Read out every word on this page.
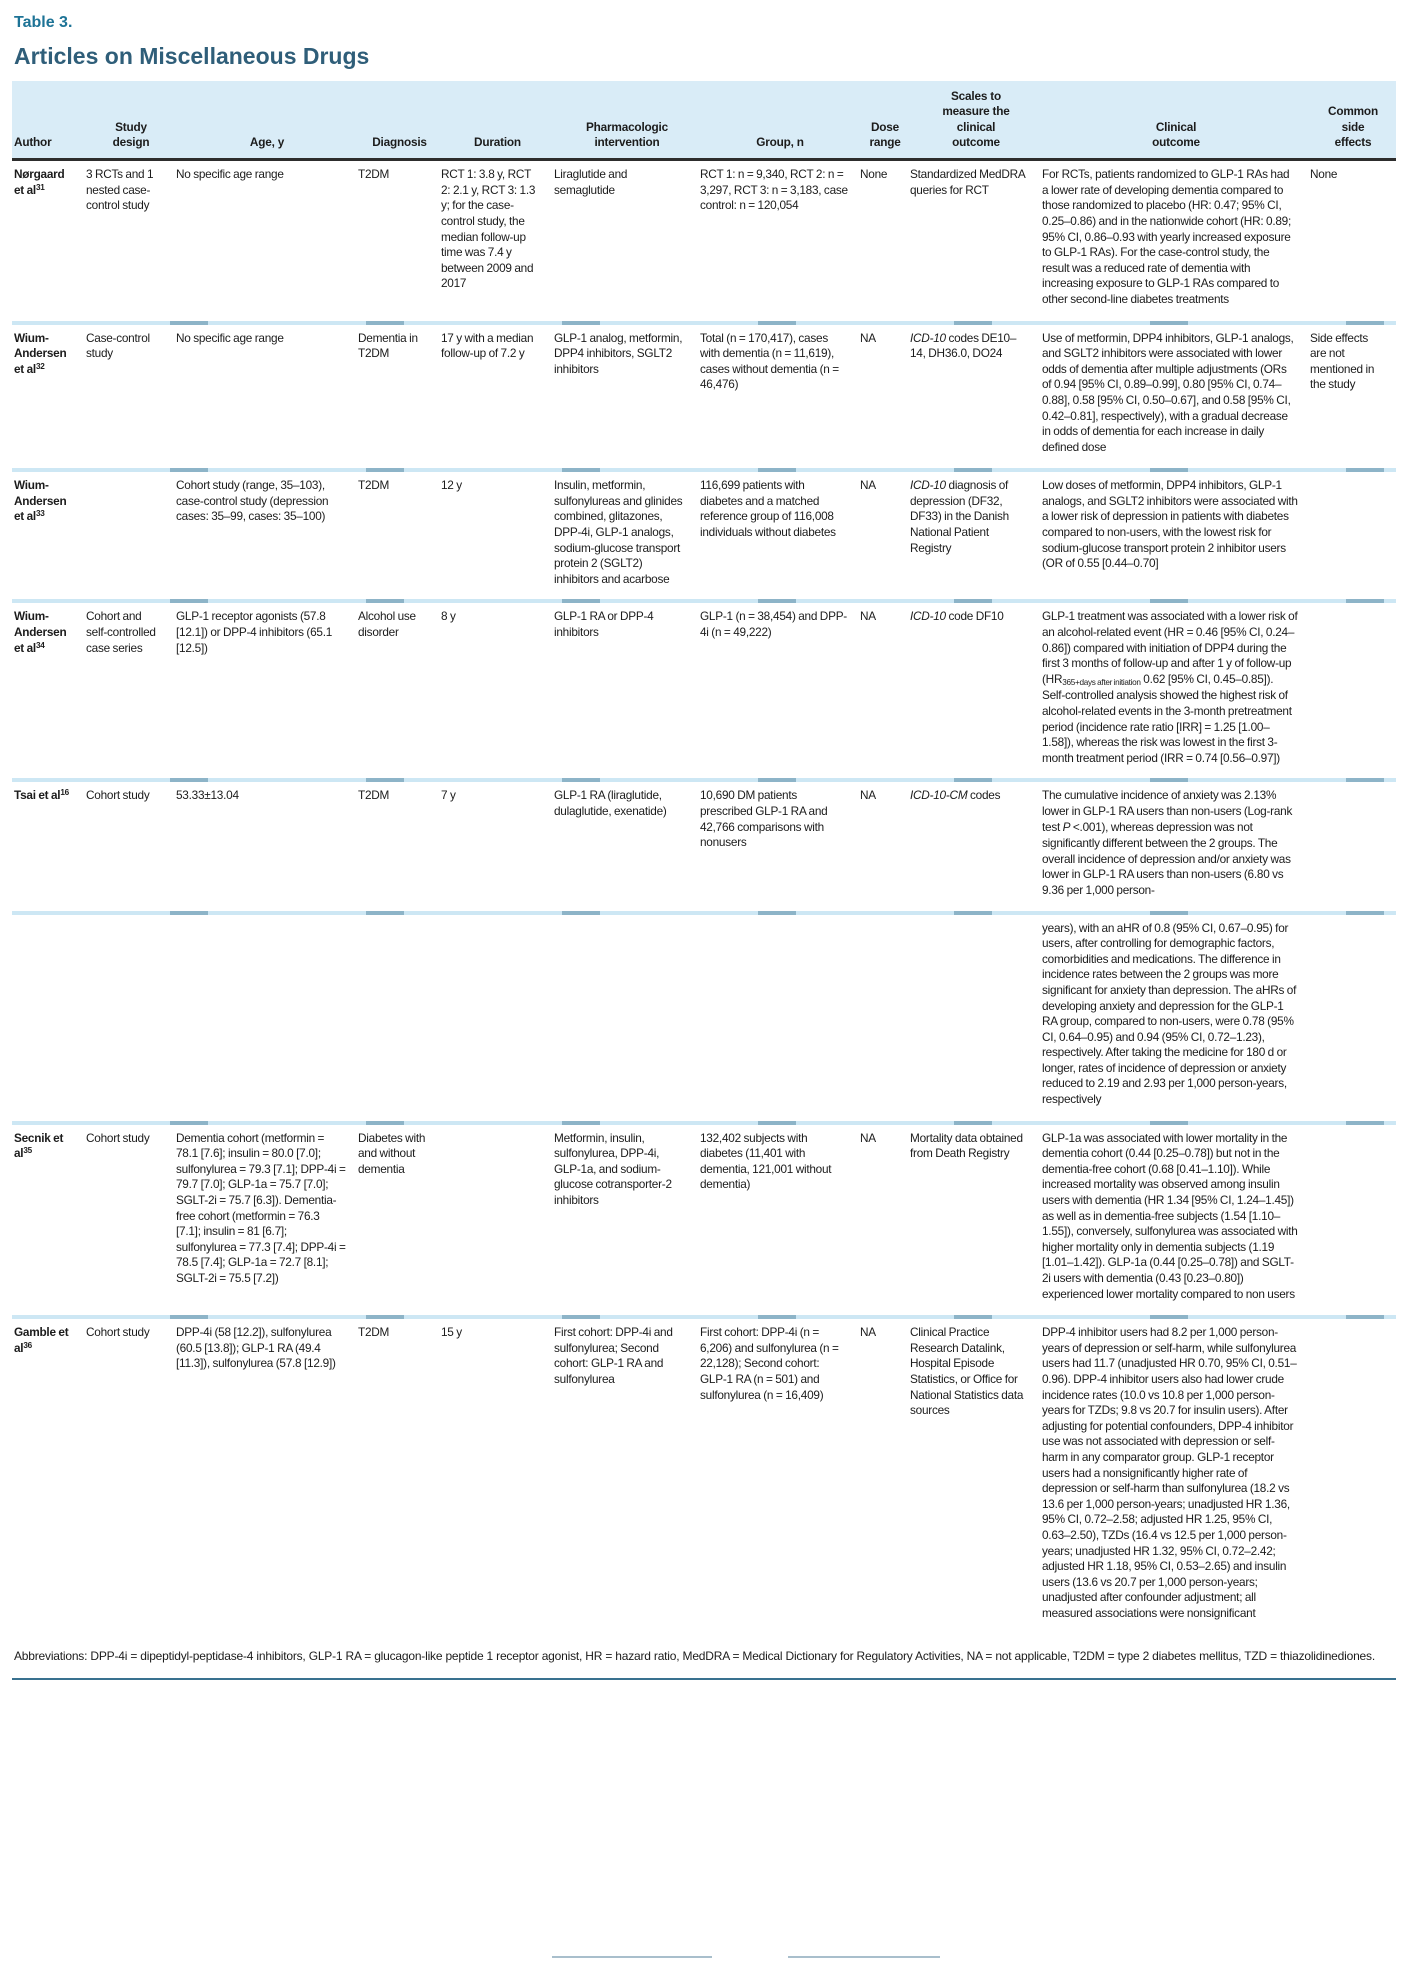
Table 3.
Articles on Miscellaneous Drugs
Author	Study design	Age, y	Diagnosis	Duration	Pharmacologic intervention	Group, n	Dose range	Scales to measure the clinical outcome	Clinical outcome	Common side effects
Nørgaard et $al^{31}$	3 RCTs and 1 nested case-control study	No specific age range	T2DM	RCT 1: 3.8 y, RCT 2: 2.1 y, RCT 3: 1.3 y; for the case-control study, the median follow-up time was 7.4 y between 2009 and 2017	Liraglutide and semaglutide	RCT 1: n = 9,340, RCT 2: n = 3,297, RCT 3: n = 3,183, case control: n = 120,054	None	Standardized MedDRA queries for RCT	For RCTs, patients randomized to GLP-1 RAs had a lower rate of developing dementia compared to those randomized to placebo (HR: 0.47; 95% CI, 0.25–0.86) and in the nationwide cohort (HR: 0.89; 95% CI, 0.86–0.93 with yearly increased exposure to GLP-1 RAs). For the case-control study, the result was a reduced rate of dementia with increasing exposure to GLP-1 RAs compared to other second-line diabetes treatments	None

Wium-Andersen et $al^{32}$	Case-control study	No specific age range	Dementia in T2DM	17 y with a median follow-up of 7.2 y	GLP-1 analog, metformin, DPP4 inhibitors, SGLT2 inhibitors	Total (n = 170,417), cases with dementia (n = 11,619), cases without dementia (n = 46,476)	NA	ICD-10 codes DE10–14, DH36.0, DO24	Use of metformin, DPP4 inhibitors, GLP-1 analogs, and SGLT2 inhibitors were associated with lower odds of dementia after multiple adjustments (ORs of 0.94 [95% CI, 0.89–0.99], 0.80 [95% CI, 0.74–0.88], 0.58 [95% CI, 0.50–0.67], and 0.58 [95% CI, 0.42–0.81], respectively), with a gradual decrease in odds of dementia for each increase in daily defined dose	Side effects are not mentioned in the study

Wium-Andersen et $al^{33}$		Cohort study (range, 35–103), case-control study (depression cases: 35–99, cases: 35–100)	T2DM	12 y	Insulin, metformin, sulfonylureas and glinides combined, glitazones, DPP-4i, GLP-1 analogs, sodium-glucose transport protein 2 (SGLT2) inhibitors and acarbose	116,699 patients with diabetes and a matched reference group of 116,008 individuals without diabetes	NA	ICD-10 diagnosis of depression (DF32, DF33) in the Danish National Patient Registry	Low doses of metformin, DPP4 inhibitors, GLP-1 analogs, and SGLT2 inhibitors were associated with a lower risk of depression in patients with diabetes compared to non-users, with the lowest risk for sodium-glucose transport protein 2 inhibitor users (OR of 0.55 [0.44–0.70]	

Wium-Andersen et $al^{34}$	Cohort and self-controlled case series	GLP-1 receptor agonists (57.8 [12.1]) or DPP-4 inhibitors (65.1 [12.5])	Alcohol use disorder	8 y	GLP-1 RA or DPP-4 inhibitors	GLP-1 (n = 38,454) and DPP-4i (n = 49,222)	NA	ICD-10 code DF10	GLP-1 treatment was associated with a lower risk of an alcohol-related event (HR = 0.46 [95% CI, 0.24–0.86]) compared with initiation of DPP4 during the first 3 months of follow-up and after 1 y of follow-up ($HR_{365+days after initiation}$ 0.62 [95% CI, 0.45–0.85]). Self-controlled analysis showed the highest risk of alcohol-related events in the 3-month pretreatment period (incidence rate ratio [IRR] = 1.25 [1.00–1.58]), whereas the risk was lowest in the first 3-month treatment period (IRR = 0.74 [0.56–0.97])	

Tsai et $al^{16}$	Cohort study	53.33±13.04	T2DM	7 y	GLP-1 RA (liraglutide, dulaglutide, exenatide)	10,690 DM patients prescribed GLP-1 RA and 42,766 comparisons with nonusers	NA	ICD-10-CM codes	The cumulative incidence of anxiety was 2.13% lower in GLP-1 RA users than non-users (Log-rank test P <.001), whereas depression was not significantly different between the 2 groups. The overall incidence of depression and/or anxiety was lower in GLP-1 RA users than non-users (6.80 vs 9.36 per 1,000 person-	

									years), with an aHR of 0.8 (95% CI, 0.67–0.95) for users, after controlling for demographic factors, comorbidities and medications. The difference in incidence rates between the 2 groups was more significant for anxiety than depression. The aHRs of developing anxiety and depression for the GLP-1 RA group, compared to non-users, were 0.78 (95% CI, 0.64–0.95) and 0.94 (95% CI, 0.72–1.23), respectively. After taking the medicine for 180 d or longer, rates of incidence of depression or anxiety reduced to 2.19 and 2.93 per 1,000 person-years, respectively	

Secnik et $al^{35}$	Cohort study	Dementia cohort (metformin = 78.1 [7.6]; insulin = 80.0 [7.0]; sulfonylurea = 79.3 [7.1]; DPP-4i = 79.7 [7.0]; GLP-1a = 75.7 [7.0]; SGLT-2i = 75.7 [6.3]). Dementia-free cohort (metformin = 76.3 [7.1]; insulin = 81 [6.7]; sulfonylurea = 77.3 [7.4]; DPP-4i = 78.5 [7.4]; GLP-1a = 72.7 [8.1]; SGLT-2i = 75.5 [7.2])	Diabetes with and without dementia		Metformin, insulin, sulfonylurea, DPP-4i, GLP-1a, and sodium-glucose cotransporter-2 inhibitors	132,402 subjects with diabetes (11,401 with dementia, 121,001 without dementia)	NA	Mortality data obtained from Death Registry	GLP-1a was associated with lower mortality in the dementia cohort (0.44 [0.25–0.78]) but not in the dementia-free cohort (0.68 [0.41–1.10]). While increased mortality was observed among insulin users with dementia (HR 1.34 [95% CI, 1.24–1.45]) as well as in dementia-free subjects (1.54 [1.10–1.55]), conversely, sulfonylurea was associated with higher mortality only in dementia subjects (1.19 [1.01–1.42]). GLP-1a (0.44 [0.25–0.78]) and SGLT-2i users with dementia (0.43 [0.23–0.80]) experienced lower mortality compared to non users	

Gamble et $al^{36}$	Cohort study	DPP-4i (58 [12.2]), sulfonylurea (60.5 [13.8]); GLP-1 RA (49.4 [11.3]), sulfonylurea (57.8 [12.9])	T2DM	15 y	First cohort: DPP-4i and sulfonylurea; Second cohort: GLP-1 RA and sulfonylurea	First cohort: DPP-4i (n = 6,206) and sulfonylurea (n = 22,128); Second cohort: GLP-1 RA (n = 501) and sulfonylurea (n = 16,409)	NA	Clinical Practice Research Datalink, Hospital Episode Statistics, or Office for National Statistics data sources	DPP-4 inhibitor users had 8.2 per 1,000 person-years of depression or self-harm, while sulfonylurea users had 11.7 (unadjusted HR 0.70, 95% CI, 0.51–0.96). DPP-4 inhibitor users also had lower crude incidence rates (10.0 vs 10.8 per 1,000 person-years for TZDs; 9.8 vs 20.7 for insulin users). After adjusting for potential confounders, DPP-4 inhibitor use was not associated with depression or self-harm in any comparator group. GLP-1 receptor users had a nonsignificantly higher rate of depression or self-harm than sulfonylurea (18.2 vs 13.6 per 1,000 person-years; unadjusted HR 1.36, 95% CI, 0.72–2.58; adjusted HR 1.25, 95% CI, 0.63–2.50), TZDs (16.4 vs 12.5 per 1,000 person-years; unadjusted HR 1.32, 95% CI, 0.72–2.42; adjusted HR 1.18, 95% CI, 0.53–2.65) and insulin users (13.6 vs 20.7 per 1,000 person-years; unadjusted after confounder adjustment; all measured associations were nonsignificant	
Abbreviations: DPP-4i = dipeptidyl-peptidase-4 inhibitors, GLP-1 RA = glucagon-like peptide 1 receptor agonist, HR = hazard ratio, MedDRA = Medical Dictionary for Regulatory Activities, NA = not applicable, T2DM = type 2 diabetes mellitus, TZD = thiazolidinediones.
